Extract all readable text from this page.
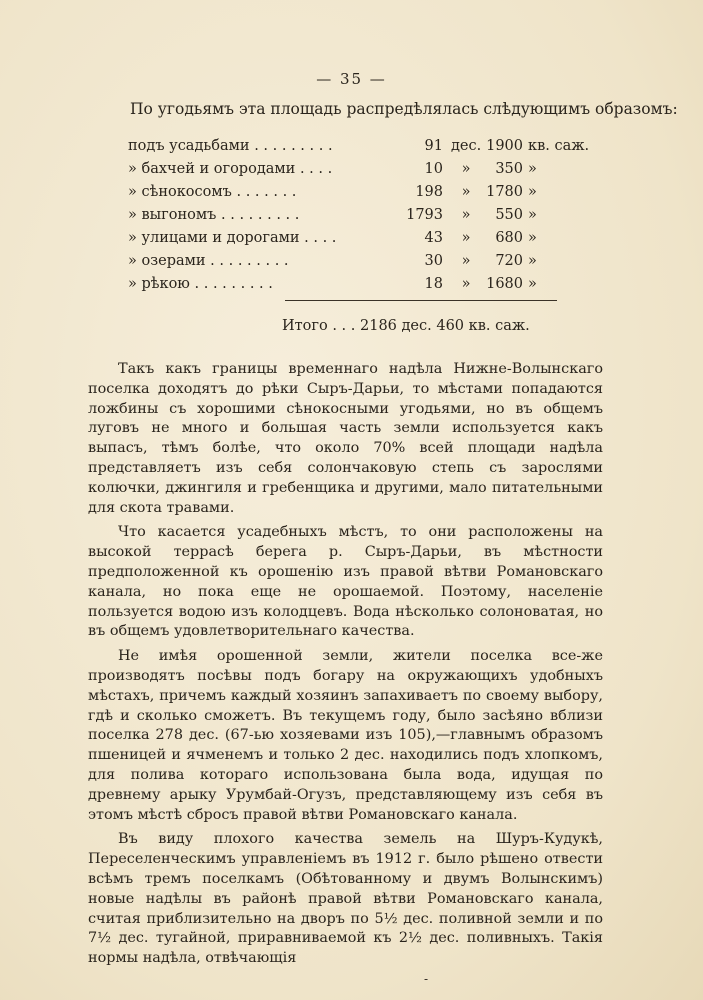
— 35 —
По угодьямъ эта площадь распредѣлялась слѣдующимъ образомъ:
подъ усадьбами . . . . . . . . .	91 дес. 1900 кв. саж.
» бахчей и огородами . . . .	10	»	350 »
» сѣнокосомъ . . . . . . .	198	»	1780 »
» выгономъ . . . . . . . . .	1793	»	550 »
» улицами и дорогами . . . .	43	»	680 »
» озерами . . . . . . . . .	30	»	720 »
» рѣкою . . . . . . . . .	18	»	1680 »
Итого . . . 2186 дес. 460 кв. саж.

Такъ какъ границы временнаго надѣла Нижне-Волынскаго поселка доходятъ до рѣки Сыръ-Дарьи, то мѣстами попадаются ложбины съ хорошими сѣнокосными угодьями, но въ общемъ луговъ не много и большая часть земли используется какъ выпасъ, тѣмъ болѣе, что около 70% всей площади надѣла представляетъ изъ себя солончаковую степь съ зарослями колючки, джингиля и гребенщика и другими, мало питательными для скота травами.

Что касается усадебныхъ мѣстъ, то они расположены на высокой террасѣ берега р. Сыръ-Дарьи, въ мѣстности предположенной къ орошенію изъ правой вѣтви Романовскаго канала, но пока еще не орошаемой. Поэтому, населеніе пользуется водою изъ колодцевъ. Вода нѣсколько солоноватая, но въ общемъ удовлетворительнаго качества.

Не имѣя орошенной земли, жители поселка все-же производятъ посѣвы подъ богару на окружающихъ удобныхъ мѣстахъ, причемъ каждый хозяинъ запахиваетъ по своему выбору, гдѣ и сколько сможетъ. Въ текущемъ году, было засѣяно вблизи поселка 278 дес. (67-ью хозяевами изъ 105),—главнымъ образомъ пшеницей и ячменемъ и только 2 дес. находились подъ хлопкомъ, для полива котораго использована была вода, идущая по древнему арыку Урумбай-Огузъ, представляющему изъ себя въ этомъ мѣстѣ сбросъ правой вѣтви Романовскаго канала.

Въ виду плохого качества земель на Шуръ-Кудукѣ, Переселенческимъ управленіемъ въ 1912 г. было рѣшено отвести всѣмъ тремъ поселкамъ (Обѣтованному и двумъ Волынскимъ) новые надѣлы въ районѣ правой вѣтви Романовскаго канала, считая приблизительно на дворъ по 5½ дес. поливной земли и по 7½ дес. тугайной, приравниваемой къ 2½ дес. поливныхъ. Такія нормы надѣла, отвѣчающія

-
